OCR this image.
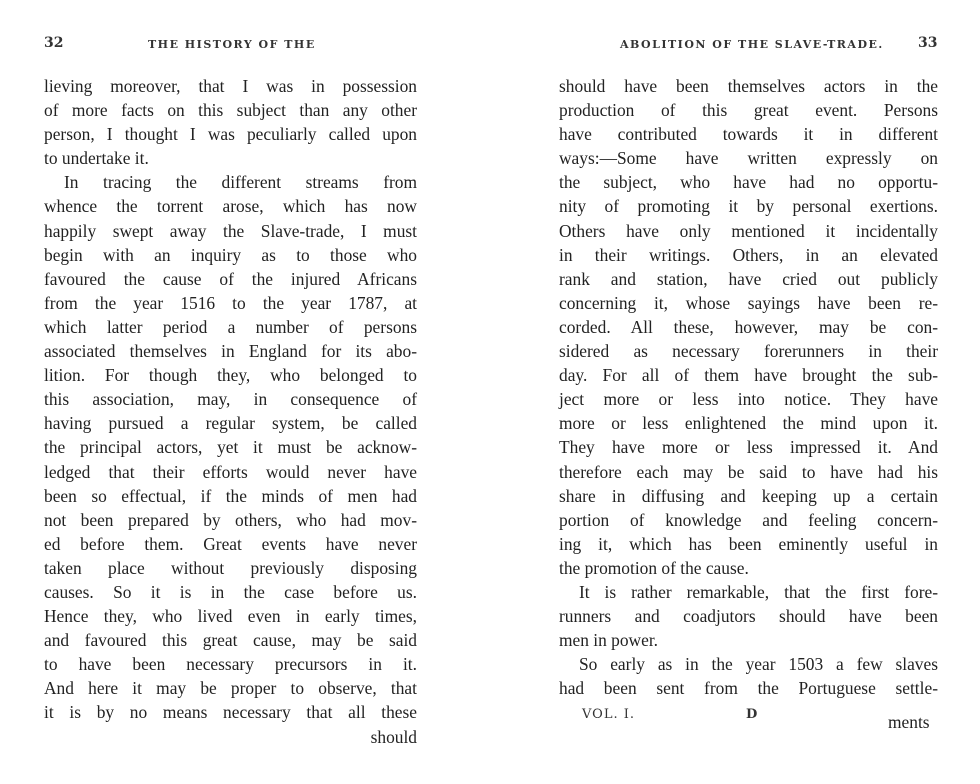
32	THE HISTORY OF THE
lieving moreover, that I was in possession
of more facts on this subject than any other
person, I thought I was peculiarly called upon
to undertake it.
In tracing the different streams from
whence the torrent arose, which has now
happily swept away the Slave-trade, I must
begin with an inquiry as to those who
favoured the cause of the injured Africans
from the year 1516 to the year 1787, at
which latter period a number of persons
associated themselves in England for its abo-
lition. For though they, who belonged to
this association, may, in consequence of
having pursued a regular system, be called
the principal actors, yet it must be acknow-
ledged that their efforts would never have
been so effectual, if the minds of men had
not been prepared by others, who had mov-
ed before them. Great events have never
taken place without previously disposing
causes. So it is in the case before us.
Hence they, who lived even in early times,
and favoured this great cause, may be said
to have been necessary precursors in it.
And here it may be proper to observe, that
it is by no means necessary that all these
should
ABOLITION OF THE SLAVE-TRADE. 33
should have been themselves actors in the
production of this great event. Persons
have contributed towards it in different
ways:—Some have written expressly on
the subject, who have had no opportu-
nity of promoting it by personal exertions.
Others have only mentioned it incidentally
in their writings. Others, in an elevated
rank and station, have cried out publicly
concerning it, whose sayings have been re-
corded. All these, however, may be con-
sidered as necessary forerunners in their
day. For all of them have brought the sub-
ject more or less into notice. They have
more or less enlightened the mind upon it.
They have more or less impressed it. And
therefore each may be said to have had his
share in diffusing and keeping up a certain
portion of knowledge and feeling concern-
ing it, which has been eminently useful in
the promotion of the cause.
It is rather remarkable, that the first fore-
runners and coadjutors should have been
men in power.
So early as in the year 1503 a few slaves
had been sent from the Portuguese settle-
VOL. I.	D	ments
